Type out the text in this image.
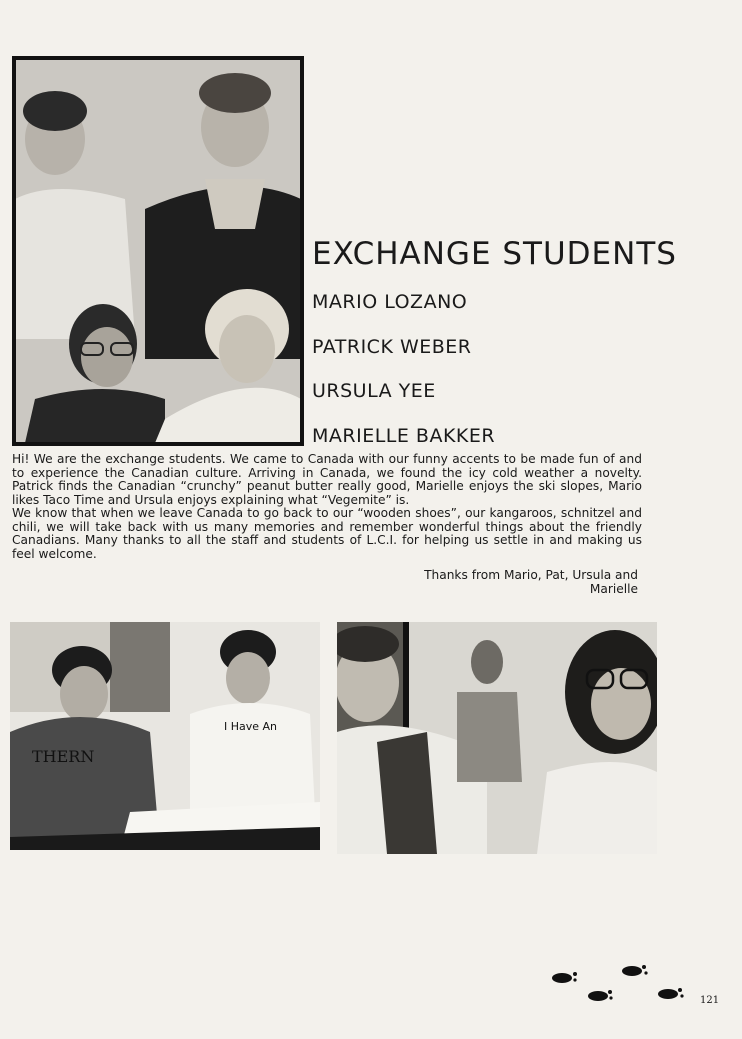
EXCHANGE STUDENTS

MARIO LOZANO

PATRICK WEBER

URSULA YEE

MARIELLE BAKKER

Hi! We are the exchange students. We came to Canada with our funny accents to be made fun of and to experience the Canadian culture. Arriving in Canada, we found the icy cold weather a novelty. Patrick finds the Canadian “crunchy” peanut butter really good, Marielle enjoys the ski slopes, Mario likes Taco Time and Ursula enjoys explaining what “Vegemite” is.

We know that when we leave Canada to go back to our “wooden shoes”, our kangaroos, schnitzel and chili, we will take back with us many memories and remember wonderful things about the friendly Canadians. Many thanks to all the staff and students of L.C.I. for helping us settle in and making us feel welcome.

Thanks from Mario, Pat, Ursula and
Marielle
THERN
I Have An
121
